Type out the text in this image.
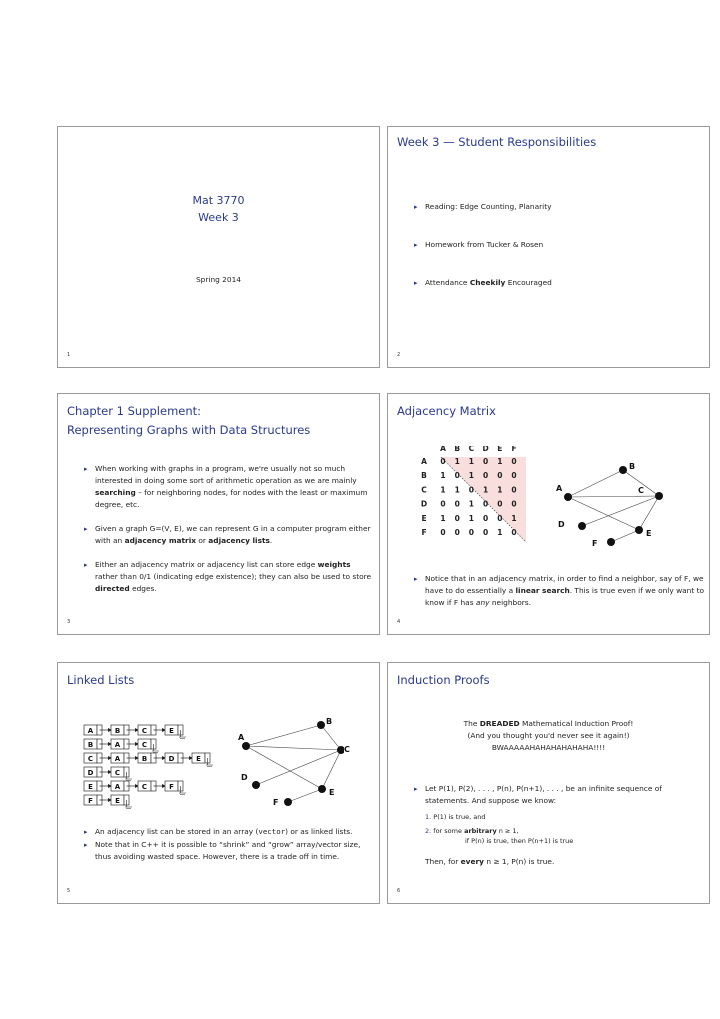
Mat 3770
Week 3
Spring 2014
1
Week 3 — Student Responsibilities
▸ Reading: Edge Counting, Planarity
▸ Homework from Tucker & Rosen
▸ Attendance Cheekily Encouraged
2
Chapter 1 Supplement:
Representing Graphs with Data Structures
▸ When working with graphs in a program, we're usually not so much interested in doing some sort of arithmetic operation as we are mainly searching – for neighboring nodes, for nodes with the least or maximum degree, etc.
▸ Given a graph G=(V, E), we can represent G in a computer program either with an adjacency matrix or adjacency lists.
▸ Either an adjacency matrix or adjacency list can store edge weights rather than 0/1 (indicating edge existence); they can also be used to store directed edges.
3
Adjacency Matrix
A B C D E F
A 0 1 1 0 1 0
B 1 0 1 0 0 0
C 1 1 0 1 1 0
D 0 0 1 0 0 0
E 1 0 1 0 0 1
F 0 0 0 0 1 0
A
B
C
D
E
F
▸ Notice that in an adjacency matrix, in order to find a neighbor, say of F, we have to do essentially a linear search. This is true even if we only want to know if F has any neighbors.
4
Linked Lists
A	B	C	E
B	A	C
C	A	B	D	E
D	C
E	A	C	F
F	E
A
B
D
E
F
C
▸ An adjacency list can be stored in an array (vector) or as linked lists.
▸ Note that in C++ it is possible to “shrink” and “grow” array/vector size, thus avoiding wasted space. However, there is a trade off in time.
5
Induction Proofs
The DREADED Mathematical Induction Proof!
(And you thought you'd never see it again!)
BWAAAAAHAHAHAHAHAHA!!!!
▸ Let P(1), P(2), . . . , P(n), P(n+1), . . . , be an infinite sequence of statements. And suppose we know:
1. P(1) is true, and
2. for some arbitrary n ≥ 1,
if P(n) is true, then P(n+1) is true
Then, for every n ≥ 1, P(n) is true.
6
